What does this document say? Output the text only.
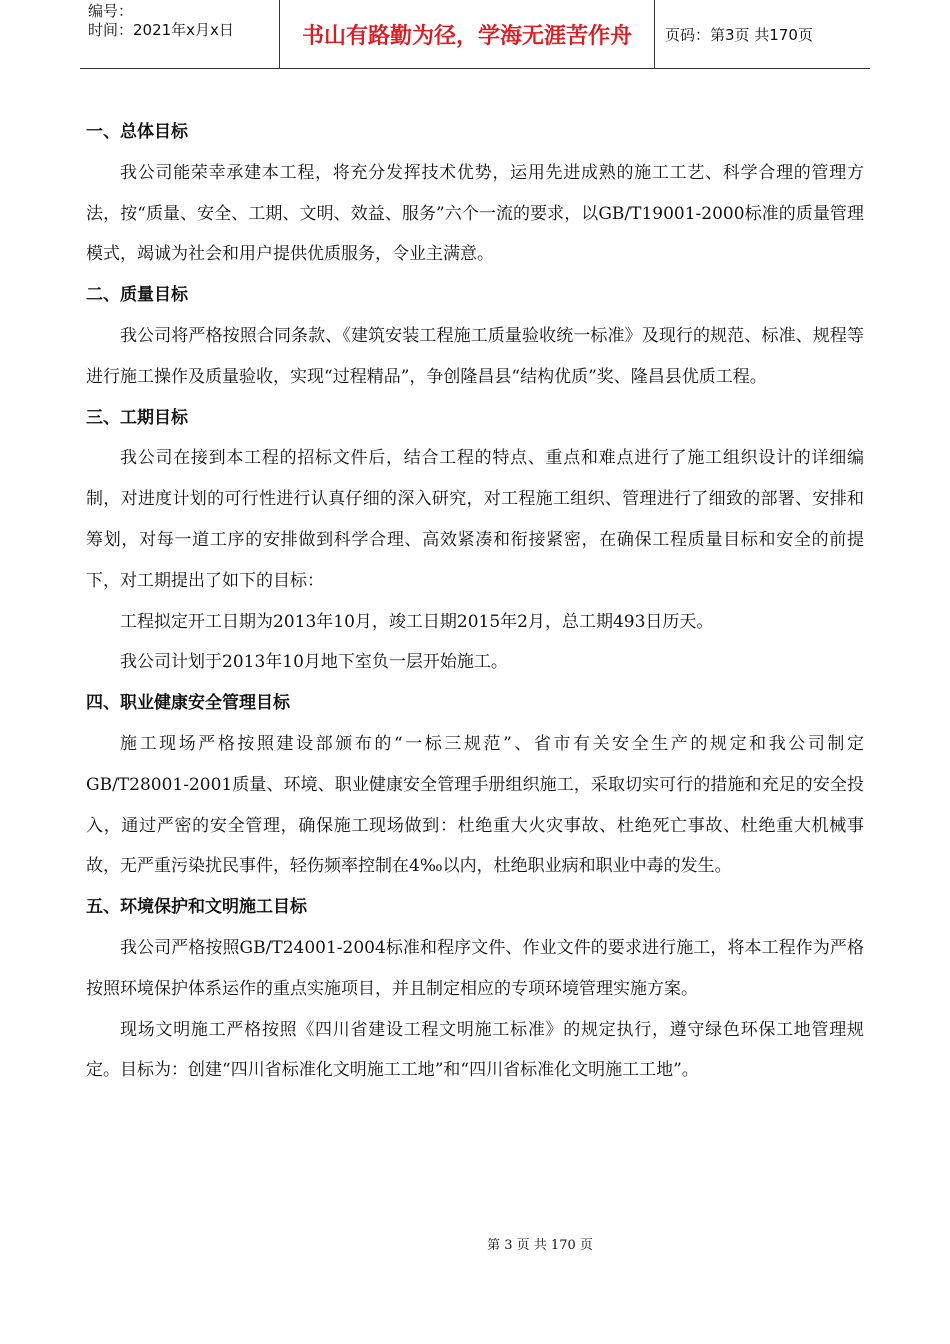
编号：
时间：2021年x月x日	书山有路勤为径，学海无涯苦作舟	页码：第3页 共170页
一、总体目标
我公司能荣幸承建本工程，将充分发挥技术优势，运用先进成熟的施工工艺、科学合理的管理方法，按“质量、安全、工期、文明、效益、服务”六个一流的要求，以GB/T19001-2000标准的质量管理模式，竭诚为社会和用户提供优质服务，令业主满意。
二、质量目标
我公司将严格按照合同条款、《建筑安装工程施工质量验收统一标准》及现行的规范、标准、规程等进行施工操作及质量验收，实现“过程精品”，争创隆昌县“结构优质”奖、隆昌县优质工程。
三、工期目标
我公司在接到本工程的招标文件后，结合工程的特点、重点和难点进行了施工组织设计的详细编制，对进度计划的可行性进行认真仔细的深入研究，对工程施工组织、管理进行了细致的部署、安排和筹划，对每一道工序的安排做到科学合理、高效紧凑和衔接紧密，在确保工程质量目标和安全的前提下，对工期提出了如下的目标：
工程拟定开工日期为2013年10月，竣工日期2015年2月，总工期493日历天。
我公司计划于2013年10月地下室负一层开始施工。
四、职业健康安全管理目标
施工现场严格按照建设部颁布的“一标三规范”、省市有关安全生产的规定和我公司制定GB/T28001-2001质量、环境、职业健康安全管理手册组织施工，采取切实可行的措施和充足的安全投入，通过严密的安全管理，确保施工现场做到：杜绝重大火灾事故、杜绝死亡事故、杜绝重大机械事故，无严重污染扰民事件，轻伤频率控制在4‰以内，杜绝职业病和职业中毒的发生。
五、环境保护和文明施工目标
我公司严格按照GB/T24001-2004标准和程序文件、作业文件的要求进行施工，将本工程作为严格按照环境保护体系运作的重点实施项目，并且制定相应的专项环境管理实施方案。
现场文明施工严格按照《四川省建设工程文明施工标准》的规定执行，遵守绿色环保工地管理规定。目标为：创建“四川省标准化文明施工工地”和“四川省标准化文明施工工地”。
第 3 页 共 170 页
